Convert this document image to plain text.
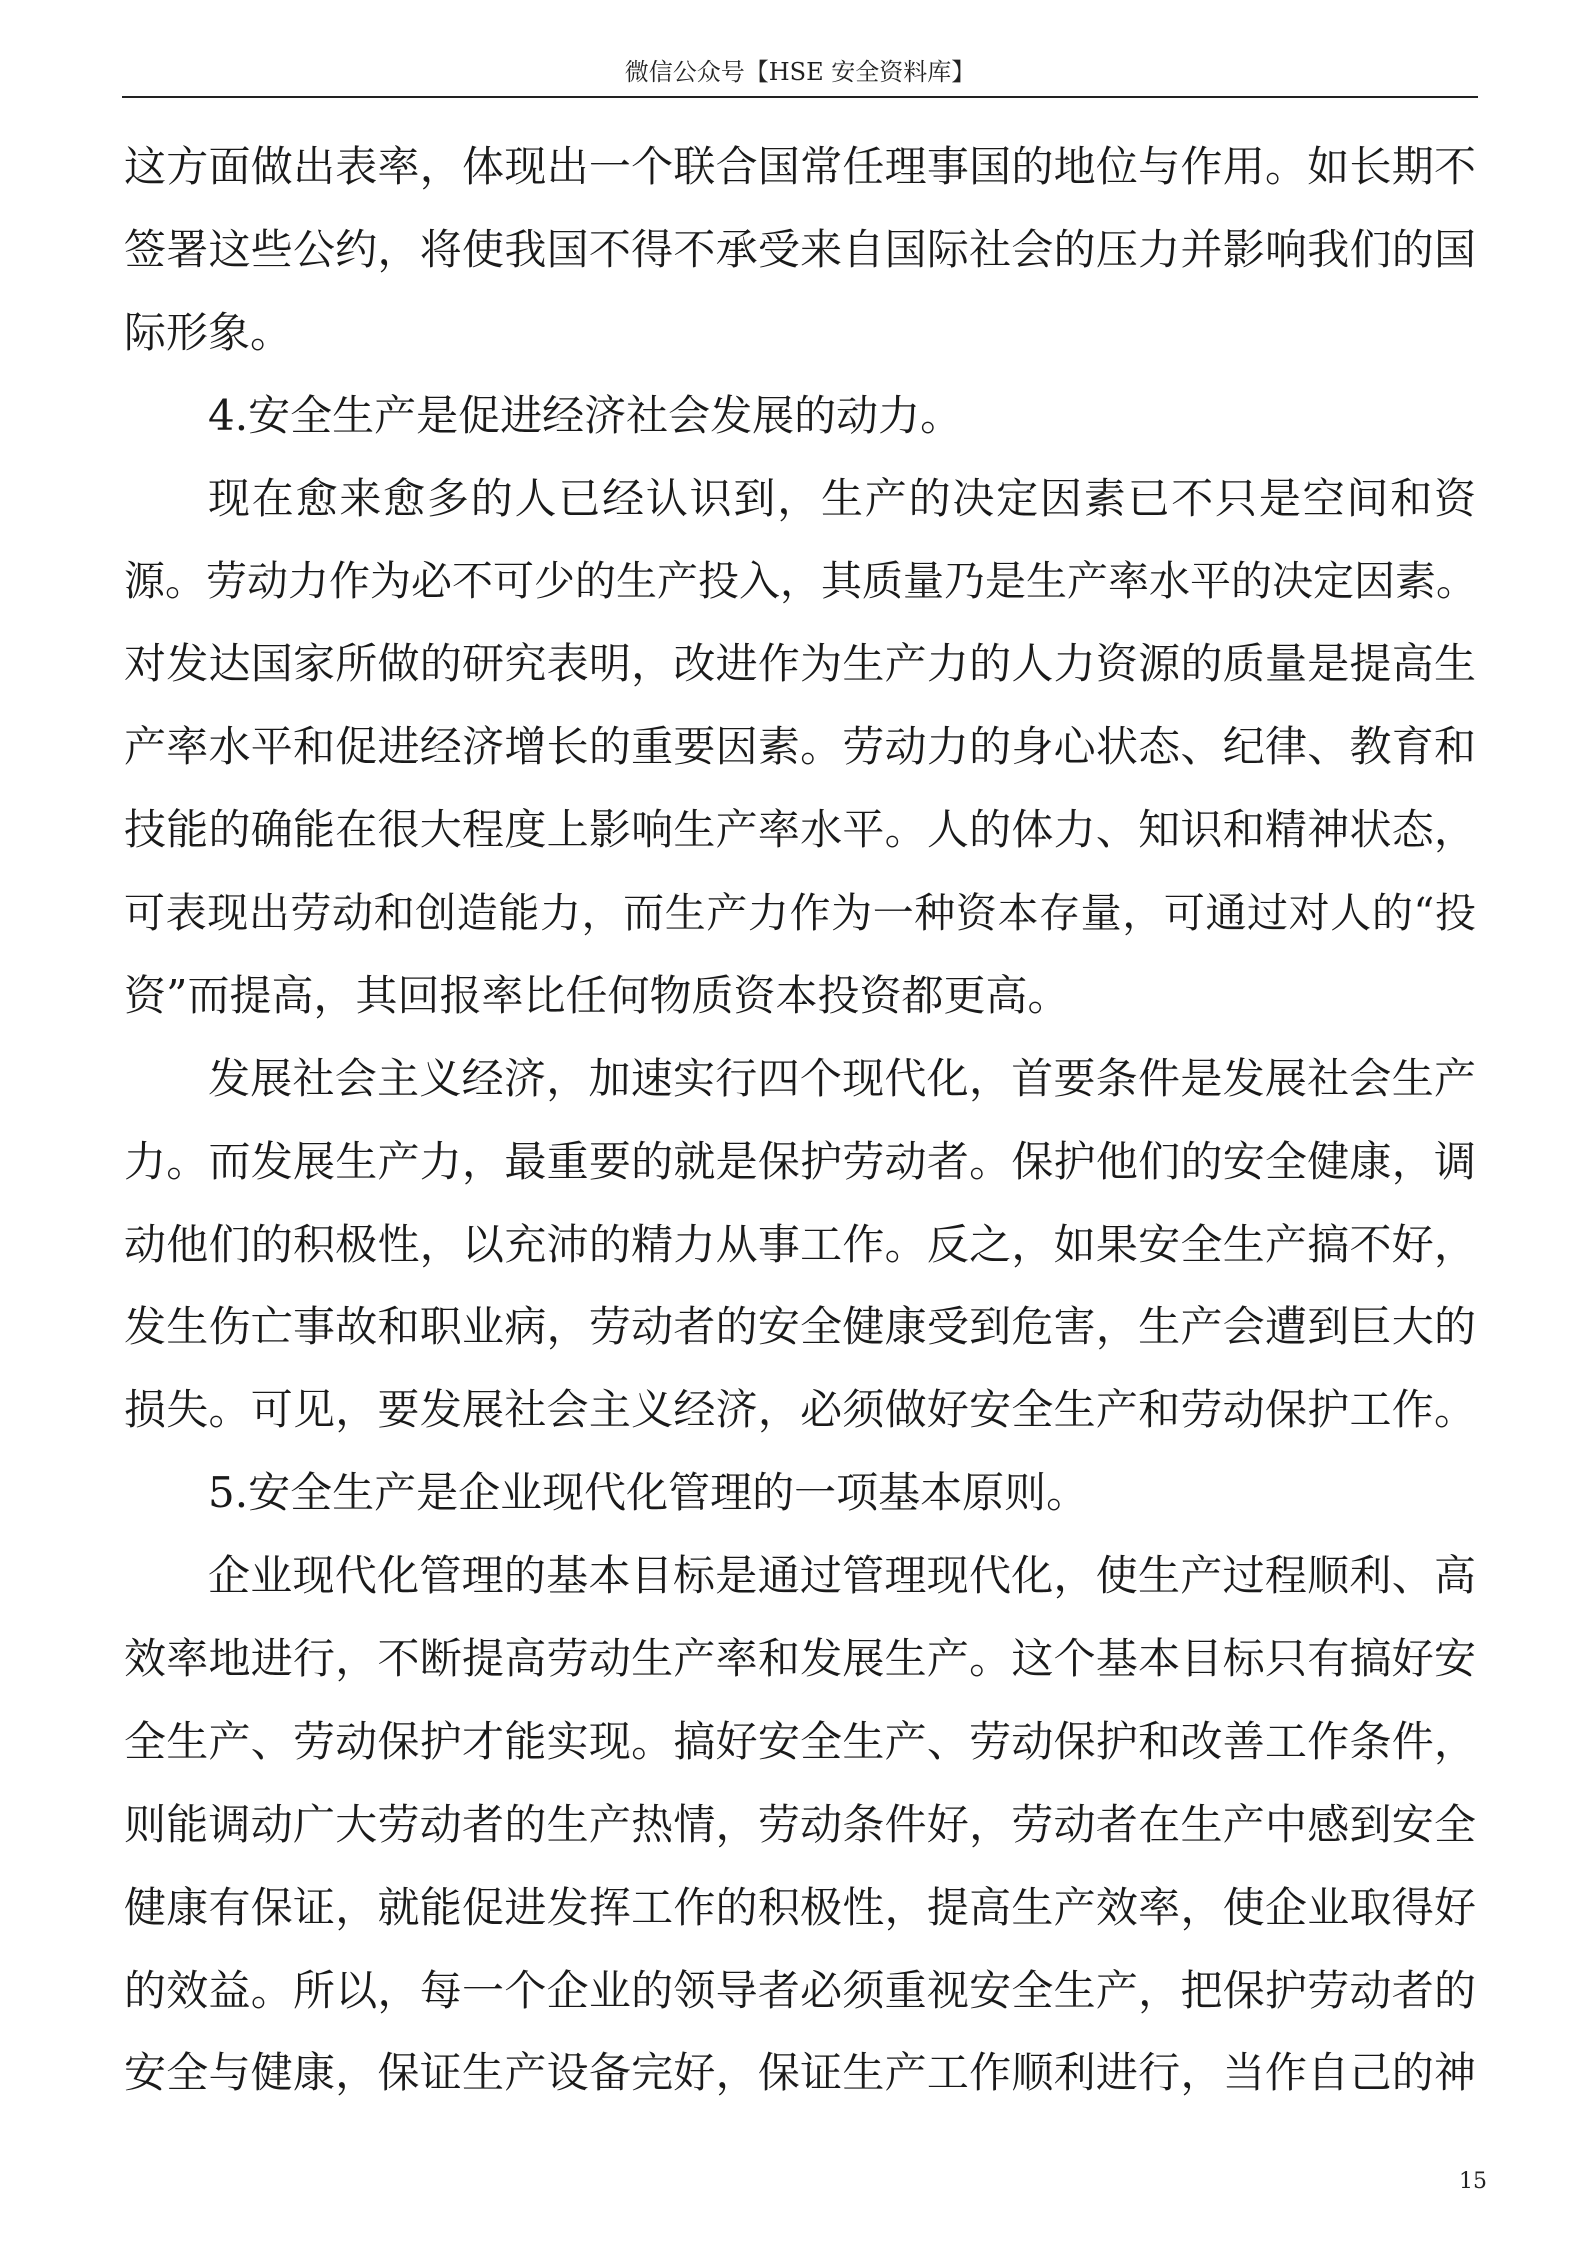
微信公众号【HSE 安全资料库】
这方面做出表率，体现出一个联合国常任理事国的地位与作用。如长期不
签署这些公约，将使我国不得不承受来自国际社会的压力并影响我们的国
际形象。
4.安全生产是促进经济社会发展的动力。
现在愈来愈多的人已经认识到，生产的决定因素已不只是空间和资
源。劳动力作为必不可少的生产投入，其质量乃是生产率水平的决定因素。
对发达国家所做的研究表明，改进作为生产力的人力资源的质量是提高生
产率水平和促进经济增长的重要因素。劳动力的身心状态、纪律、教育和
技能的确能在很大程度上影响生产率水平。人的体力、知识和精神状态，
可表现出劳动和创造能力，而生产力作为一种资本存量，可通过对人的“投
资”而提高，其回报率比任何物质资本投资都更高。
发展社会主义经济，加速实行四个现代化，首要条件是发展社会生产
力。而发展生产力，最重要的就是保护劳动者。保护他们的安全健康，调
动他们的积极性，以充沛的精力从事工作。反之，如果安全生产搞不好，
发生伤亡事故和职业病，劳动者的安全健康受到危害，生产会遭到巨大的
损失。可见，要发展社会主义经济，必须做好安全生产和劳动保护工作。
5.安全生产是企业现代化管理的一项基本原则。
企业现代化管理的基本目标是通过管理现代化，使生产过程顺利、高
效率地进行，不断提高劳动生产率和发展生产。这个基本目标只有搞好安
全生产、劳动保护才能实现。搞好安全生产、劳动保护和改善工作条件，
则能调动广大劳动者的生产热情，劳动条件好，劳动者在生产中感到安全
健康有保证，就能促进发挥工作的积极性，提高生产效率，使企业取得好
的效益。所以，每一个企业的领导者必须重视安全生产，把保护劳动者的
安全与健康，保证生产设备完好，保证生产工作顺利进行，当作自己的神
15
